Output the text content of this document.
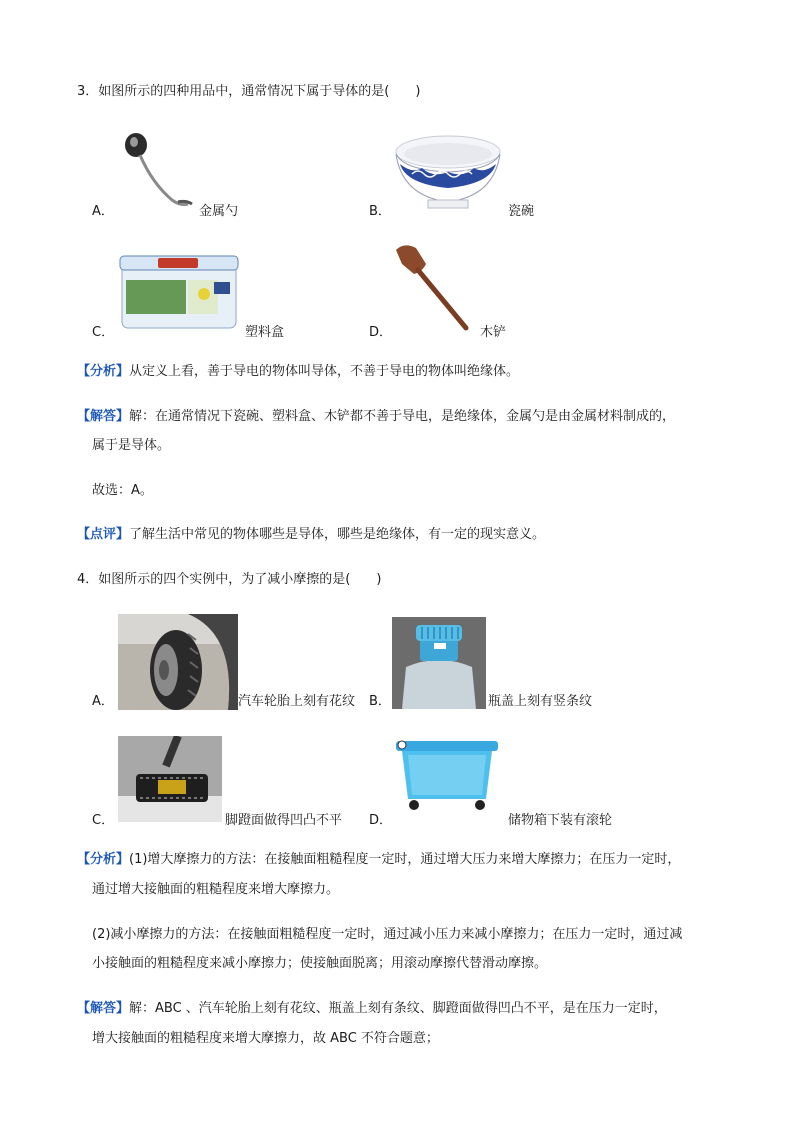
3．如图所示的四种用品中，通常情况下属于导体的是(　　)
A．	金属勺	B．	瓷碗
C．	塑料盒	D．	木铲
【分析】从定义上看，善于导电的物体叫导体，不善于导电的物体叫绝缘体。
【解答】解：在通常情况下瓷碗、塑料盒、木铲都不善于导电，是绝缘体，金属勺是由金属材料制成的，
属于是导体。
故选：A。
【点评】了解生活中常见的物体哪些是导体，哪些是绝缘体，有一定的现实意义。
4．如图所示的四个实例中，为了减小摩擦的是(　　)
A．	汽车轮胎上刻有花纹 B．	瓶盖上刻有竖条纹
C．	脚蹬面做得凹凸不平 D．	储物箱下装有滚轮
【分析】(1)增大摩擦力的方法：在接触面粗糙程度一定时，通过增大压力来增大摩擦力；在压力一定时，
通过增大接触面的粗糙程度来增大摩擦力。
(2)减小摩擦力的方法：在接触面粗糙程度一定时，通过减小压力来减小摩擦力；在压力一定时，通过减
小接触面的粗糙程度来减小摩擦力；使接触面脱离；用滚动摩擦代替滑动摩擦。
【解答】解：ABC 、汽车轮胎上刻有花纹、瓶盖上刻有条纹、脚蹬面做得凹凸不平，是在压力一定时，
增大接触面的粗糙程度来增大摩擦力，故 ABC 不符合题意；
